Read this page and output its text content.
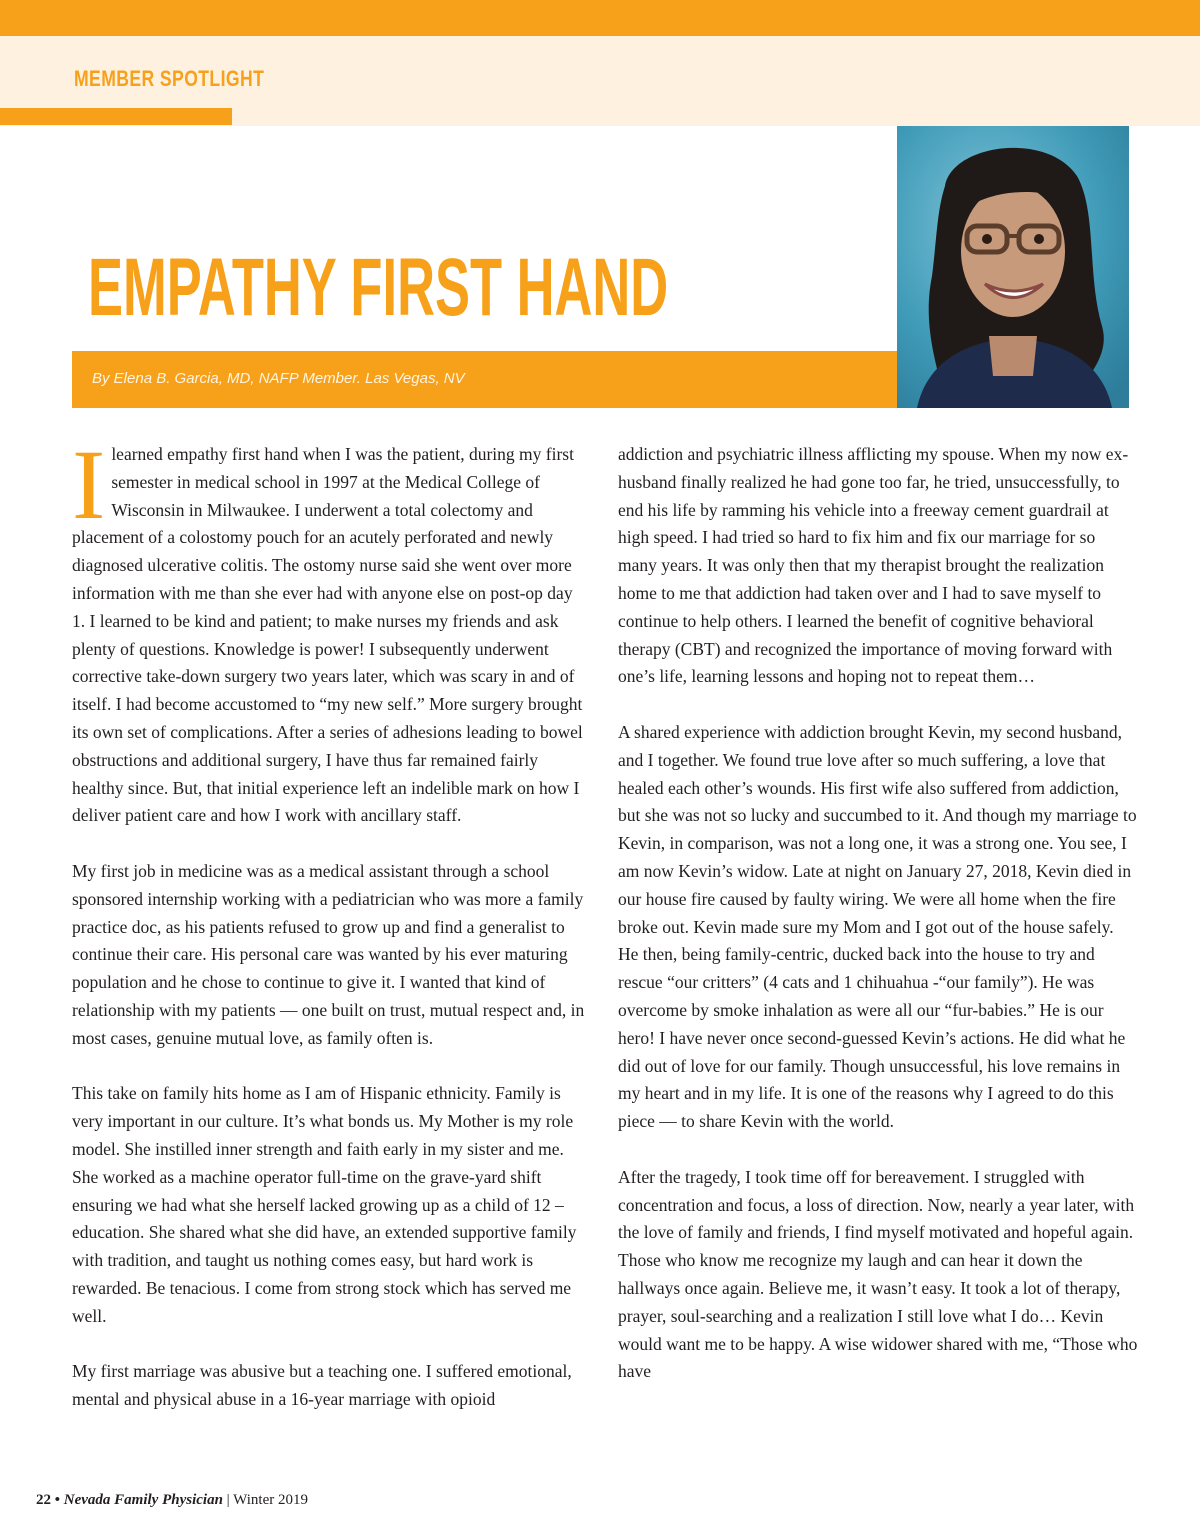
MEMBER SPOTLIGHT

EMPATHY FIRST HAND

By Elena B. Garcia, MD, NAFP Member. Las Vegas, NV

I learned empathy first hand when I was the patient, during my first semester in medical school in 1997 at the Medical College of Wisconsin in Milwaukee. I underwent a total colectomy and placement of a colostomy pouch for an acutely perforated and newly diagnosed ulcerative colitis. The ostomy nurse said she went over more information with me than she ever had with anyone else on post-op day 1. I learned to be kind and patient; to make nurses my friends and ask plenty of questions. Knowledge is power! I subsequently underwent corrective take-down surgery two years later, which was scary in and of itself. I had become accustomed to “my new self.” More surgery brought its own set of complications. After a series of adhesions leading to bowel obstructions and additional surgery, I have thus far remained fairly healthy since. But, that initial experience left an indelible mark on how I deliver patient care and how I work with ancillary staff.

My first job in medicine was as a medical assistant through a school sponsored internship working with a pediatrician who was more a family practice doc, as his patients refused to grow up and find a generalist to continue their care. His personal care was wanted by his ever maturing population and he chose to continue to give it. I wanted that kind of relationship with my patients — one built on trust, mutual respect and, in most cases, genuine mutual love, as family often is.

This take on family hits home as I am of Hispanic ethnicity. Family is very important in our culture. It’s what bonds us. My Mother is my role model. She instilled inner strength and faith early in my sister and me. She worked as a machine operator full-time on the grave-yard shift ensuring we had what she herself lacked growing up as a child of 12 – education. She shared what she did have, an extended supportive family with tradition, and taught us nothing comes easy, but hard work is rewarded. Be tenacious. I come from strong stock which has served me well.

My first marriage was abusive but a teaching one. I suffered emotional, mental and physical abuse in a 16-year marriage with opioid

addiction and psychiatric illness afflicting my spouse. When my now ex-husband finally realized he had gone too far, he tried, unsuccessfully, to end his life by ramming his vehicle into a freeway cement guardrail at high speed. I had tried so hard to fix him and fix our marriage for so many years. It was only then that my therapist brought the realization home to me that addiction had taken over and I had to save myself to continue to help others. I learned the benefit of cognitive behavioral therapy (CBT) and recognized the importance of moving forward with one’s life, learning lessons and hoping not to repeat them…

A shared experience with addiction brought Kevin, my second husband, and I together. We found true love after so much suffering, a love that healed each other’s wounds. His first wife also suffered from addiction, but she was not so lucky and succumbed to it. And though my marriage to Kevin, in comparison, was not a long one, it was a strong one. You see, I am now Kevin’s widow. Late at night on January 27, 2018, Kevin died in our house fire caused by faulty wiring. We were all home when the fire broke out. Kevin made sure my Mom and I got out of the house safely. He then, being family-centric, ducked back into the house to try and rescue “our critters” (4 cats and 1 chihuahua -“our family”). He was overcome by smoke inhalation as were all our “fur-babies.” He is our hero! I have never once second-guessed Kevin’s actions. He did what he did out of love for our family. Though unsuccessful, his love remains in my heart and in my life. It is one of the reasons why I agreed to do this piece — to share Kevin with the world.

After the tragedy, I took time off for bereavement. I struggled with concentration and focus, a loss of direction. Now, nearly a year later, with the love of family and friends, I find myself motivated and hopeful again. Those who know me recognize my laugh and can hear it down the hallways once again. Believe me, it wasn’t easy. It took a lot of therapy, prayer, soul-searching and a realization I still love what I do… Kevin would want me to be happy. A wise widower shared with me, “Those who have

22 • Nevada Family Physician | Winter 2019
